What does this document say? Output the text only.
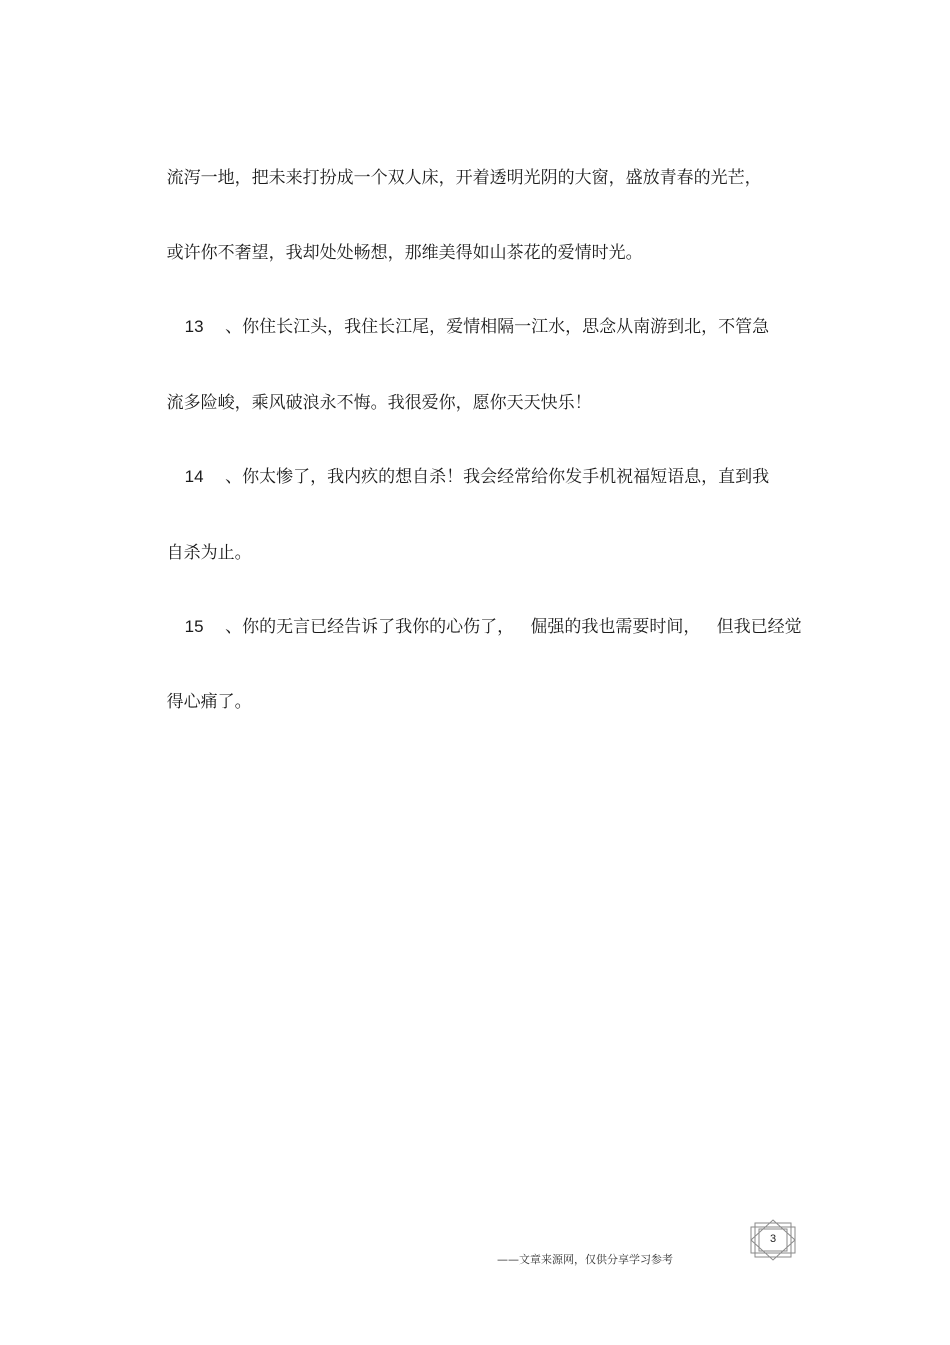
流泻一地，把未来打扮成一个双人床，开着透明光阴的大窗，盛放青春的光芒，

或许你不奢望，我却处处畅想，那维美得如山茶花的爱情时光。

13 、你住长江头，我住长江尾，爱情相隔一江水，思念从南游到北，不管急

流多险峻，乘风破浪永不悔。我很爱你，愿你天天快乐！

14 、你太惨了，我内疚的想自杀！我会经常给你发手机祝福短语息，直到我

自杀为止。

15 、你的无言已经告诉了我你的心伤了，   倔强的我也需要时间，   但我已经觉

得心痛了。

——文章来源网，仅供分享学习参考
3
